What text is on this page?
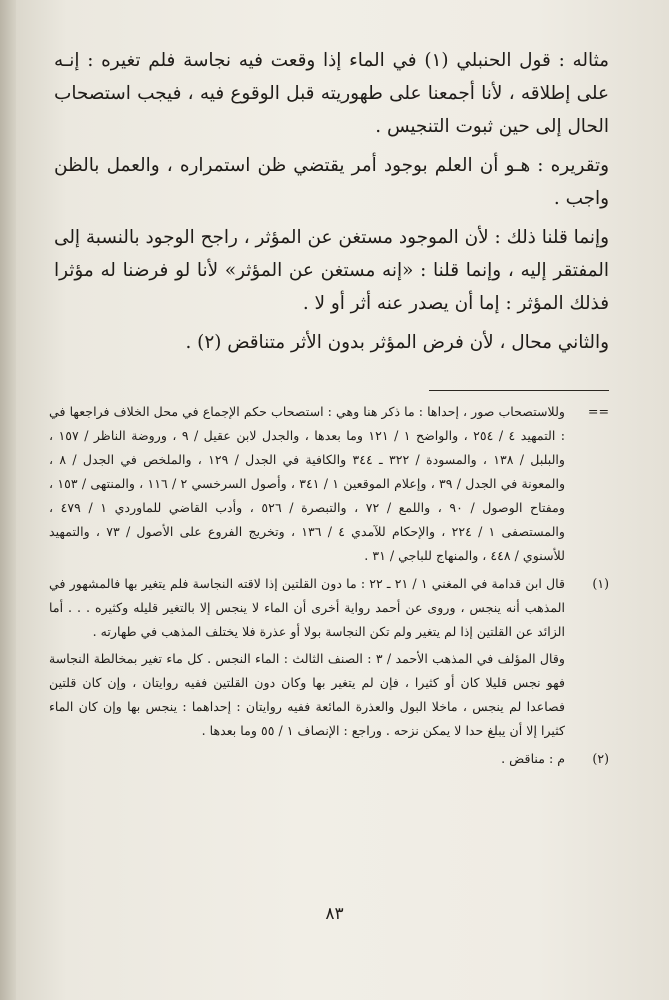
مثاله : قول الحنبلي (١) في الماء إذا وقعت فيه نجاسة فلم تغيره : إنـه على إطلاقه ، لأنا أجمعنا على طهوريته قبل الوقوع فيه ، فيجب استصحاب الحال إلى حين ثبوت التنجيس .

وتقريره : هـو أن العلم بوجود أمر يقتضي ظن استمراره ، والعمل بالظن واجب .

وإنما قلنا ذلك : لأن الموجود مستغن عن المؤثر ، راجح الوجود بالنسبة إلى المفتقر إليه ، وإنما قلنا : «إنه مستغن عن المؤثر» لأنا لو فرضنا له مؤثرا فذلك المؤثر : إما أن يصدر عنه أثر أو لا .

والثاني محال ، لأن فرض المؤثر بدون الأثر متناقض (٢) .

==

وللاستصحاب صور ، إحداها : ما ذكر هنا وهي : استصحاب حكم الإجماع في محل الخلاف فراجعها في : التمهيد ٤ / ٢٥٤ ، والواضح ١ / ١٢١ وما بعدها ، والجدل لابن عقيل / ٩ ، وروضة الناظر / ١٥٧ ، والبلبل / ١٣٨ ، والمسودة / ٣٢٢ ـ ٣٤٤ والكافية في الجدل / ١٢٩ ، والملخص في الجدل / ٨ ، والمعونة في الجدل / ٣٩ ، وإعلام الموقعين ١ / ٣٤١ ، وأصول السرخسي ٢ / ١١٦ ، والمنتهى / ١٥٣ ، ومفتاح الوصول / ٩٠ ، واللمع / ٧٢ ، والتبصرة / ٥٢٦ ، وأدب القاضي للماوردي ١ / ٤٧٩ ، والمستصفى ١ / ٢٢٤ ، والإحكام للآمدي ٤ / ١٣٦ ، وتخريج الفروع على الأصول / ٧٣ ، والتمهيد للأسنوي / ٤٤٨ ، والمنهاج للباجي / ٣١ .

(١)

قال ابن قدامة في المغني ١ / ٢١ ـ ٢٢ : ما دون القلتين إذا لاقته النجاسة فلم يتغير بها فالمشهور في المذهب أنه ينجس ، وروى عن أحمد رواية أخرى أن الماء لا ينجس إلا بالتغير قليله وكثيره . . . أما الزائد عن القلتين إذا لم يتغير ولم تكن النجاسة بولا أو عذرة فلا يختلف المذهب في طهارته .

وقال المؤلف في المذهب الأحمد / ٣ : الصنف الثالث : الماء النجس . كل ماء تغير بمخالطة النجاسة فهو نجس قليلا كان أو كثيرا ، فإن لم يتغير بها وكان دون القلتين ففيه روايتان ، وإن كان قلتين فصاعدا لم ينجس ، ماخلا البول والعذرة المائعة ففيه روايتان : إحداهما : ينجس بها وإن كان الماء كثيرا إلا أن يبلغ حدا لا يمكن نزحه . وراجع : الإنصاف ١ / ٥٥ وما بعدها .

(٢)

م : مناقض .

٨٣
